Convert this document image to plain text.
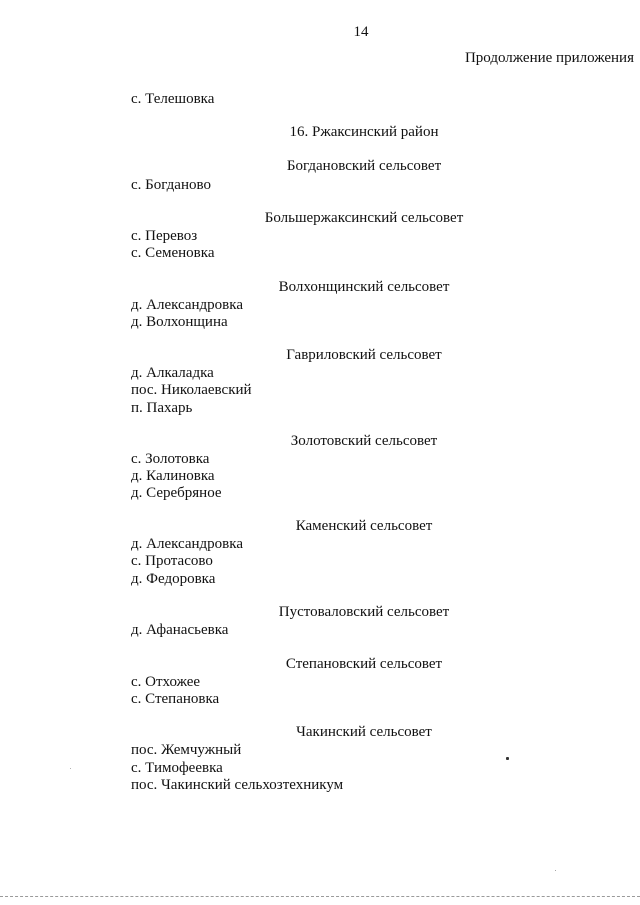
14
Продолжение приложения
с. Телешовка
16. Ржаксинский район
Богдановский сельсовет
с. Богданово
Большержаксинский сельсовет
с. Перевоз
с. Семеновка
Волхонщинский сельсовет
д. Александровка
д. Волхонщина
Гавриловский сельсовет
д. Алкаладка
пос. Николаевский
п. Пахарь
Золотовский сельсовет
с. Золотовка
д. Калиновка
д. Серебряное
Каменский сельсовет
д. Александровка
с. Протасово
д. Федоровка
Пустоваловский сельсовет
д. Афанасьевка
Степановский сельсовет
с. Отхожее
с. Степановка
Чакинский сельсовет
пос. Жемчужный
с. Тимофеевка
пос. Чакинский сельхозтехникум
